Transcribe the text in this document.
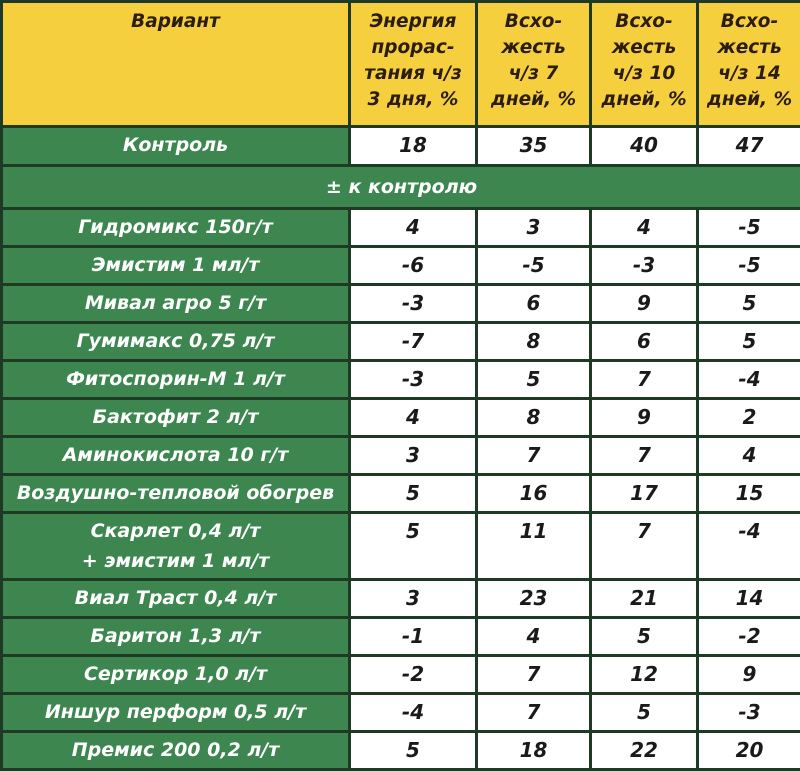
Вариант	Энергия
прорас-
тания ч/з
3 дня, %	Всхо-
жесть
ч/з 7
дней, %	Всхо-
жесть
ч/з 10
дней, %	Всхо-
жесть
ч/з 14
дней, %

Контроль	18	35	40	47
± к контролю				
Гидромикс 150г/т	4	3	4	-5
Эмистим 1 мл/т	-6	-5	-3	-5
Мивал агро 5 г/т	-3	6	9	5
Гумимакс 0,75 л/т	-7	8	6	5
Фитоспорин-М 1 л/т	-3	5	7	-4
Бактофит 2 л/т	4	8	9	2
Аминокислота 10 г/т	3	7	7	4
Воздушно-тепловой обогрев	5	16	17	15

Скарлет 0,4 л/т
+ эмистим 1 мл/т	5	11	7	-4
Виал Траст 0,4 л/т	3	23	21	14
Баритон 1,3 л/т	-1	4	5	-2
Сертикор 1,0 л/т	-2	7	12	9
Иншур перформ 0,5 л/т	-4	7	5	-3
Премис 200 0,2 л/т	5	18	22	20
